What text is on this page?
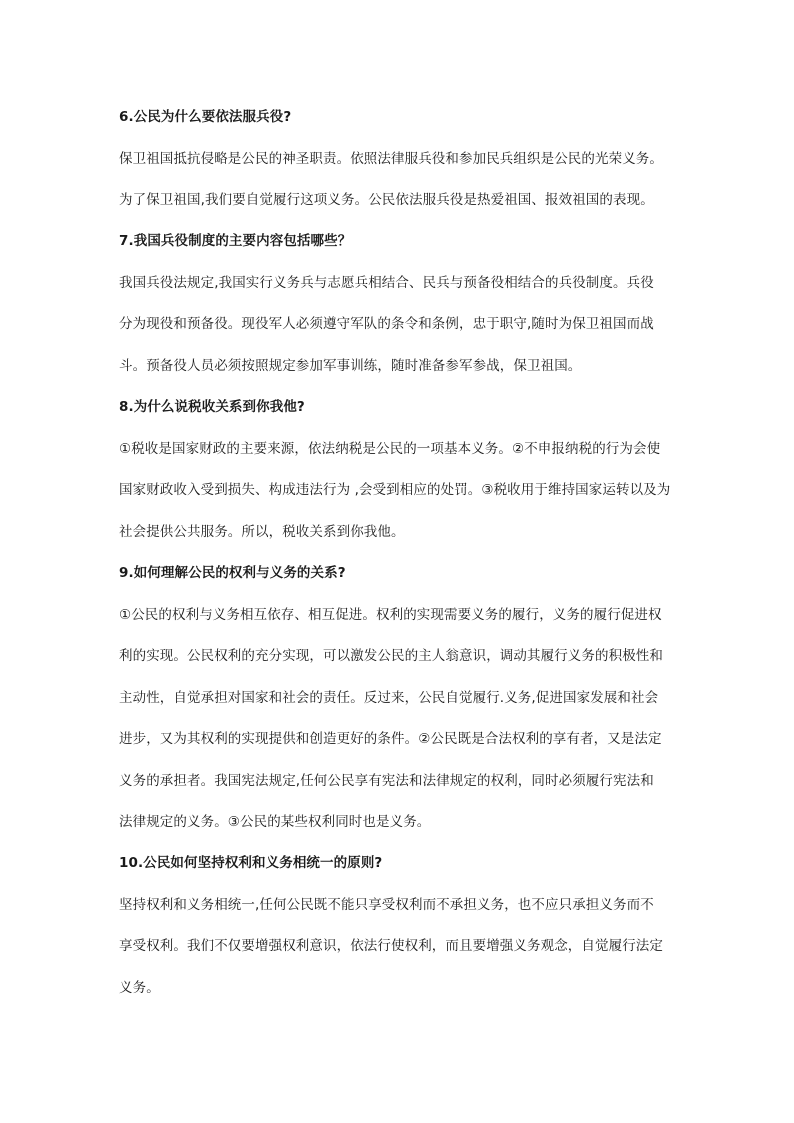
6.公民为什么要依法服兵役?
保卫祖国抵抗侵略是公民的神圣职责。依照法律服兵役和参加民兵组织是公民的光荣义务。
为了保卫祖国,我们要自觉履行这项义务。公民依法服兵役是热爱祖国、报效祖国的表现。
7.我国兵役制度的主要内容包括哪些？
我国兵役法规定,我国实行义务兵与志愿兵相结合、民兵与预备役相结合的兵役制度。兵役
分为现役和预备役。现役军人必须遵守军队的条令和条例，忠于职守,随时为保卫祖国而战
斗。预备役人员必须按照规定参加军事训练，随时准备参军参战，保卫祖国。
8.为什么说税收关系到你我他?
①税收是国家财政的主要来源，依法纳税是公民的一项基本义务。②不申报纳税的行为会使
国家财政收入受到损失、构成违法行为 ,会受到相应的处罚。③税收用于维持国家运转以及为
社会提供公共服务。所以，税收关系到你我他。
9.如何理解公民的权利与义务的关系?
①公民的权利与义务相互依存、相互促进。权利的实现需要义务的履行，义务的履行促进权
利的实现。公民权利的充分实现，可以激发公民的主人翁意识，调动其履行义务的积极性和
主动性，自觉承担对国家和社会的责任。反过来，公民自觉履行.义务,促进国家发展和社会
进步，又为其权利的实现提供和创造更好的条件。②公民既是合法权利的享有者，又是法定
义务的承担者。我国宪法规定,任何公民享有宪法和法律规定的权利，同时必须履行宪法和
法律规定的义务。③公民的某些权利同时也是义务。
10.公民如何坚持权利和义务相统一的原则?
坚持权利和义务相统一,任何公民既不能只享受权利而不承担义务，也不应只承担义务而不
享受权利。我们不仅要增强权利意识，依法行使权利，而且要增强义务观念，自觉履行法定
义务。
